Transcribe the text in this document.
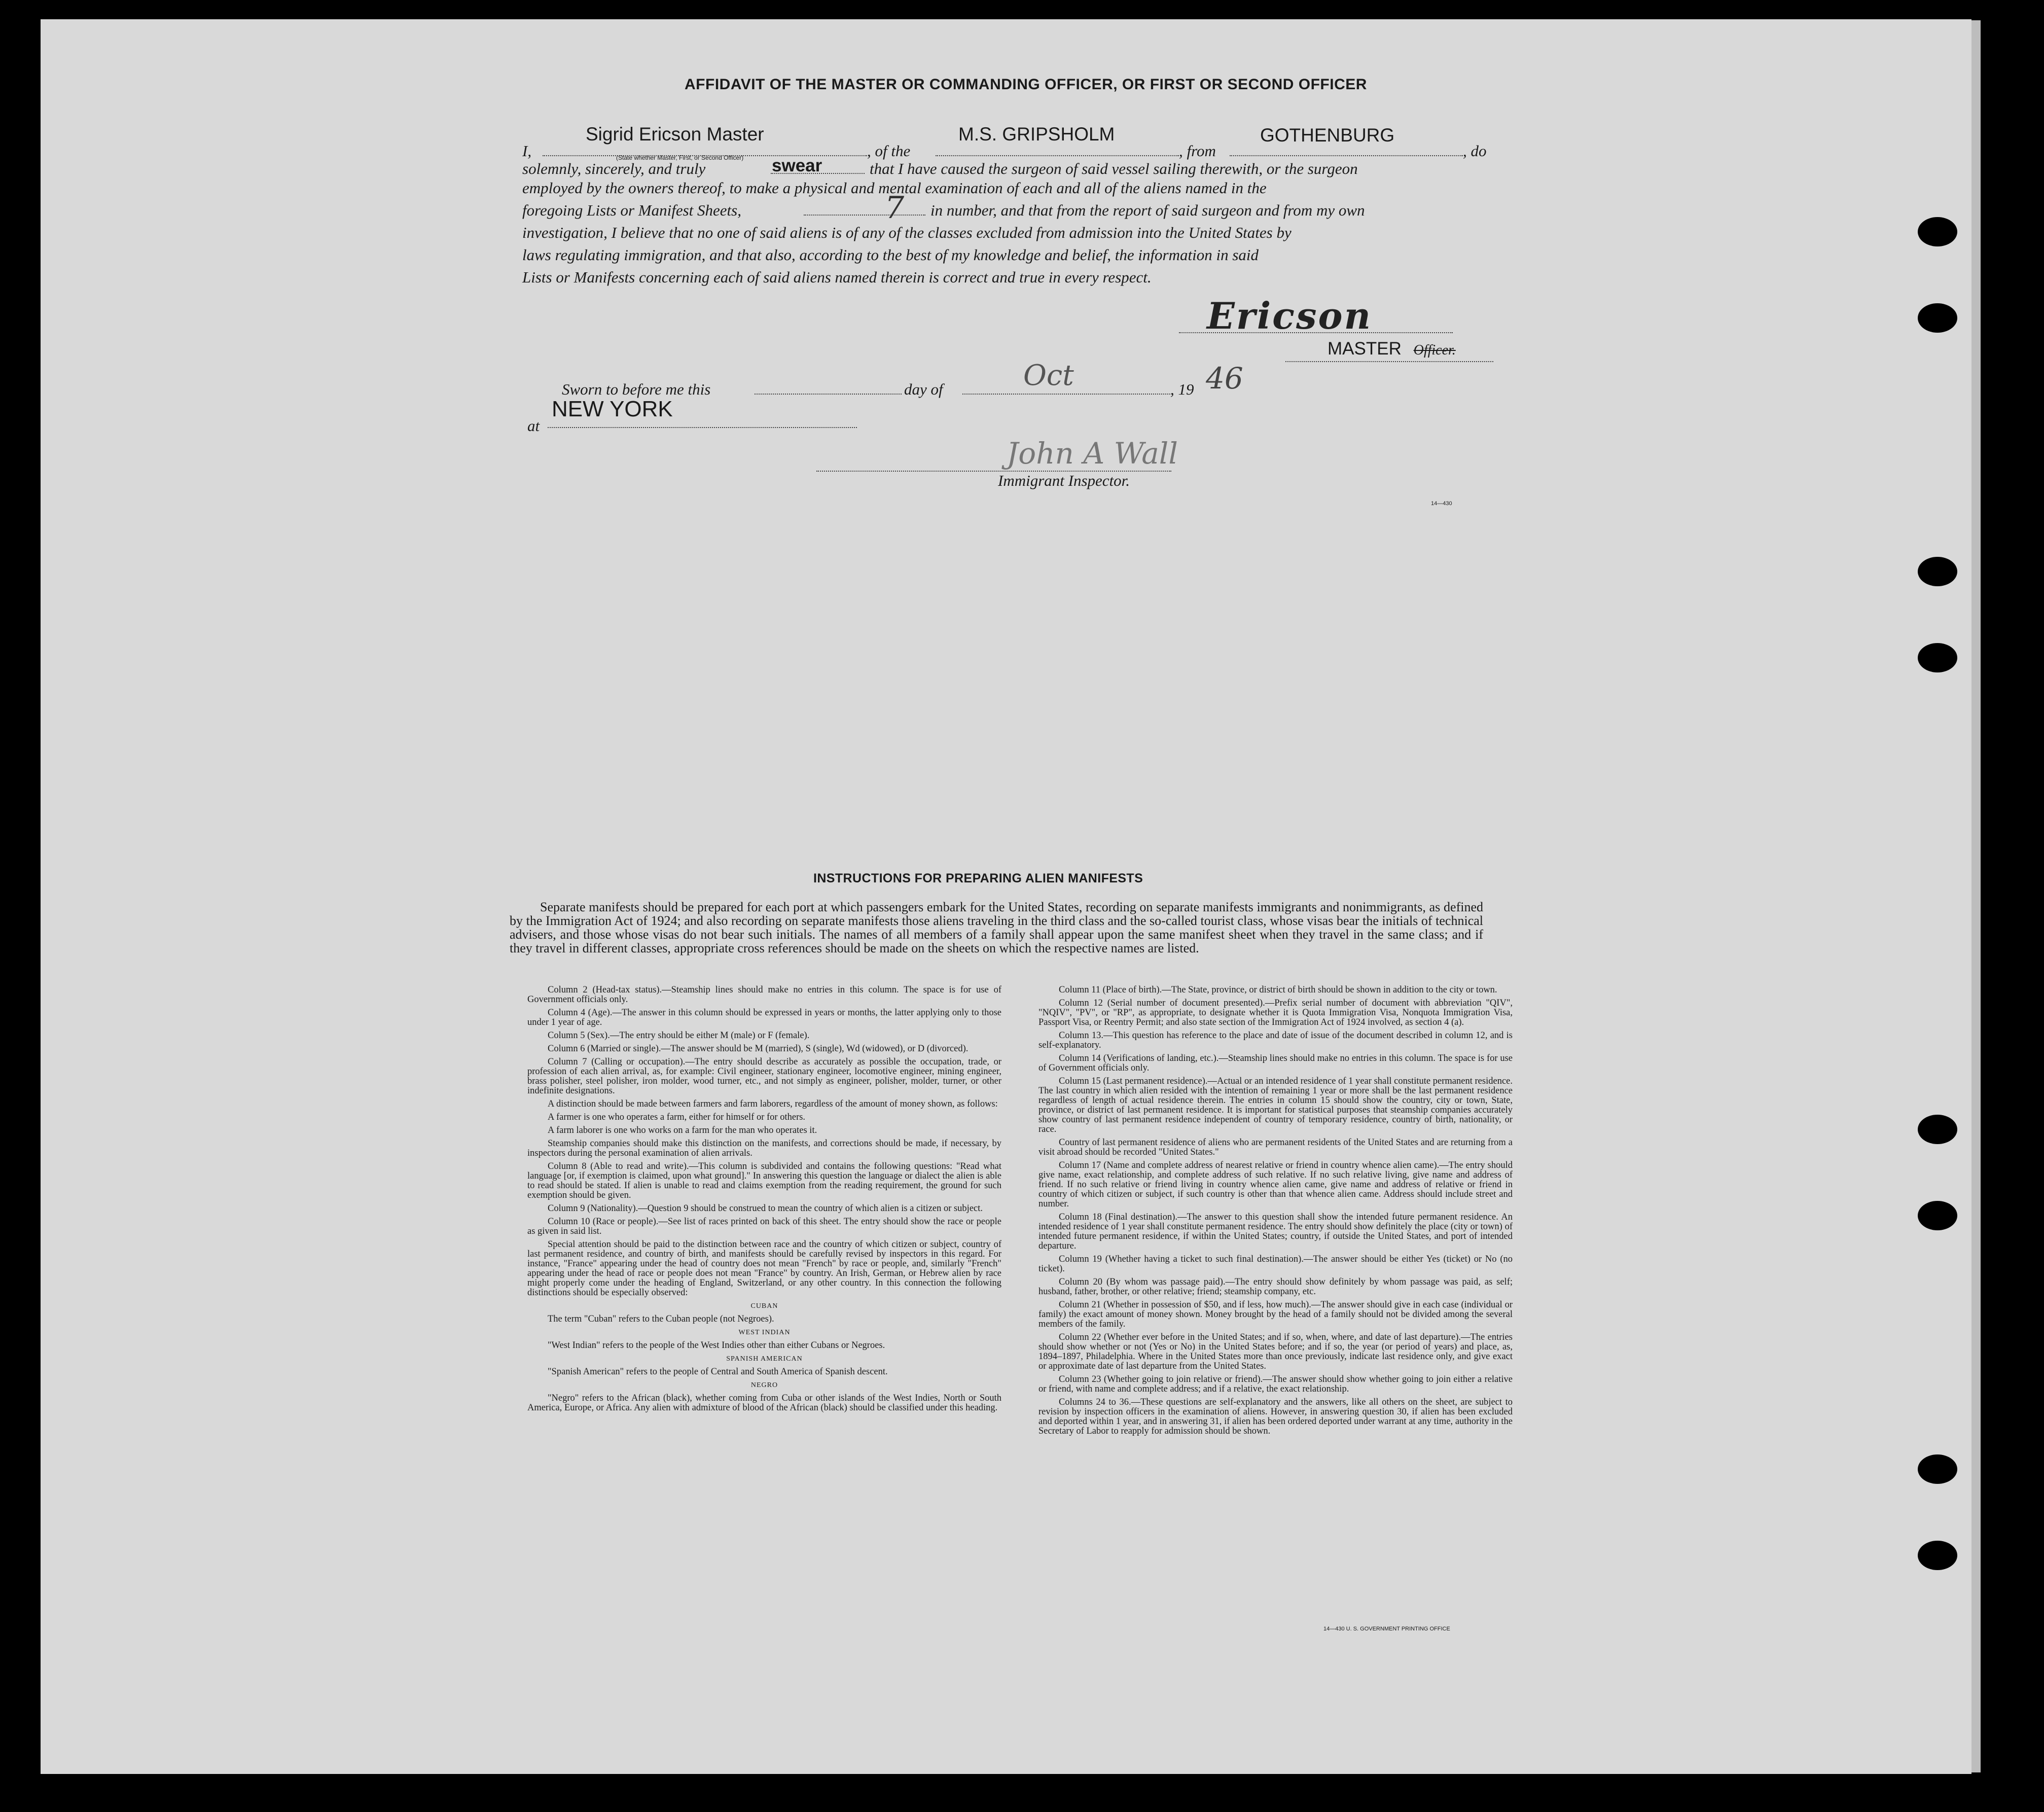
AFFIDAVIT OF THE MASTER OR COMMANDING OFFICER, OR FIRST OR SECOND OFFICER
I,
Sigrid Ericson Master
(State whether Master, First, or Second Officer)	, of the
M.S. GRIPSHOLM
, from
GOTHENBURG
, do
solemnly, sincerely, and truly	swear	that I have caused the surgeon of said vessel sailing therewith, or the surgeon
employed by the owners thereof, to make a physical and mental examination of each and all of the aliens named in the
foregoing Lists or Manifest Sheets,	7 in number, and that from the report of said surgeon and from my own
investigation, I believe that no one of said aliens is of any of the classes excluded from admission into the United States by
laws regulating immigration, and that also, according to the best of my knowledge and belief, the information in said
Lists or Manifests concerning each of said aliens named therein is correct and true in every respect.
Ericson
MASTER Officer.
Sworn to before me this	day of	Oct	, 19 46
at
NEW YORK
John A Wall
Immigrant Inspector.
14—430
INSTRUCTIONS FOR PREPARING ALIEN MANIFESTS

Separate manifests should be prepared for each port at which passengers embark for the United States, recording on separate manifests immigrants and nonimmigrants, as defined by the Immigration Act of 1924; and also recording on separate manifests those aliens traveling in the third class and the so-called tourist class, whose visas bear the initials of technical advisers, and those whose visas do not bear such initials. The names of all members of a family shall appear upon the same manifest sheet when they travel in the same class; and if they travel in different classes, appropriate cross references should be made on the sheets on which the respective names are listed.

Column 2 (Head-tax status).—Steamship lines should make no entries in this column. The space is for use of Government officials only.

Column 4 (Age).—The answer in this column should be expressed in years or months, the latter applying only to those under 1 year of age.

Column 5 (Sex).—The entry should be either M (male) or F (female).

Column 6 (Married or single).—The answer should be M (married), S (single), Wd (widowed), or D (divorced).

Column 7 (Calling or occupation).—The entry should describe as accurately as possible the occupation, trade, or profession of each alien arrival, as, for example: Civil engineer, stationary engineer, locomotive engineer, mining engineer, brass polisher, steel polisher, iron molder, wood turner, etc., and not simply as engineer, polisher, molder, turner, or other indefinite designations.

A distinction should be made between farmers and farm laborers, regardless of the amount of money shown, as follows:

A farmer is one who operates a farm, either for himself or for others.

A farm laborer is one who works on a farm for the man who operates it.

Steamship companies should make this distinction on the manifests, and corrections should be made, if necessary, by inspectors during the personal examination of alien arrivals.

Column 8 (Able to read and write).—This column is subdivided and contains the following questions: "Read what language [or, if exemption is claimed, upon what ground]." In answering this question the language or dialect the alien is able to read should be stated. If alien is unable to read and claims exemption from the reading requirement, the ground for such exemption should be given.

Column 9 (Nationality).—Question 9 should be construed to mean the country of which alien is a citizen or subject.

Column 10 (Race or people).—See list of races printed on back of this sheet. The entry should show the race or people as given in said list.

Special attention should be paid to the distinction between race and the country of which citizen or subject, country of last permanent residence, and country of birth, and manifests should be carefully revised by inspectors in this regard. For instance, "France" appearing under the head of country does not mean "French" by race or people, and, similarly "French" appearing under the head of race or people does not mean "France" by country. An Irish, German, or Hebrew alien by race might properly come under the heading of England, Switzerland, or any other country. In this connection the following distinctions should be especially observed:

CUBAN

The term "Cuban" refers to the Cuban people (not Negroes).

WEST INDIAN

"West Indian" refers to the people of the West Indies other than either Cubans or Negroes.

SPANISH AMERICAN

"Spanish American" refers to the people of Central and South America of Spanish descent.

NEGRO

"Negro" refers to the African (black), whether coming from Cuba or other islands of the West Indies, North or South America, Europe, or Africa. Any alien with admixture of blood of the African (black) should be classified under this heading.

Column 11 (Place of birth).—The State, province, or district of birth should be shown in addition to the city or town.

Column 12 (Serial number of document presented).—Prefix serial number of document with abbreviation "QIV", "NQIV", "PV", or "RP", as appropriate, to designate whether it is Quota Immigration Visa, Nonquota Immigration Visa, Passport Visa, or Reentry Permit; and also state section of the Immigration Act of 1924 involved, as section 4 (a).

Column 13.—This question has reference to the place and date of issue of the document described in column 12, and is self-explanatory.

Column 14 (Verifications of landing, etc.).—Steamship lines should make no entries in this column. The space is for use of Government officials only.

Column 15 (Last permanent residence).—Actual or an intended residence of 1 year shall constitute permanent residence. The last country in which alien resided with the intention of remaining 1 year or more shall be the last permanent residence regardless of length of actual residence therein. The entries in column 15 should show the country, city or town, State, province, or district of last permanent residence. It is important for statistical purposes that steamship companies accurately show country of last permanent residence independent of country of temporary residence, country of birth, nationality, or race.

Country of last permanent residence of aliens who are permanent residents of the United States and are returning from a visit abroad should be recorded "United States."

Column 17 (Name and complete address of nearest relative or friend in country whence alien came).—The entry should give name, exact relationship, and complete address of such relative. If no such relative living, give name and address of friend. If no such relative or friend living in country whence alien came, give name and address of relative or friend in country of which citizen or subject, if such country is other than that whence alien came. Address should include street and number.

Column 18 (Final destination).—The answer to this question shall show the intended future permanent residence. An intended residence of 1 year shall constitute permanent residence. The entry should show definitely the place (city or town) of intended future permanent residence, if within the United States; country, if outside the United States, and port of intended departure.

Column 19 (Whether having a ticket to such final destination).—The answer should be either Yes (ticket) or No (no ticket).

Column 20 (By whom was passage paid).—The entry should show definitely by whom passage was paid, as self; husband, father, brother, or other relative; friend; steamship company, etc.

Column 21 (Whether in possession of $50, and if less, how much).—The answer should give in each case (individual or family) the exact amount of money shown. Money brought by the head of a family should not be divided among the several members of the family.

Column 22 (Whether ever before in the United States; and if so, when, where, and date of last departure).—The entries should show whether or not (Yes or No) in the United States before; and if so, the year (or period of years) and place, as, 1894–1897, Philadelphia. Where in the United States more than once previously, indicate last residence only, and give exact or approximate date of last departure from the United States.

Column 23 (Whether going to join relative or friend).—The answer should show whether going to join either a relative or friend, with name and complete address; and if a relative, the exact relationship.

Columns 24 to 36.—These questions are self-explanatory and the answers, like all others on the sheet, are subject to revision by inspection officers in the examination of aliens. However, in answering question 30, if alien has been excluded and deported within 1 year, and in answering 31, if alien has been ordered deported under warrant at any time, authority in the Secretary of Labor to reapply for admission should be shown.

14—430 U. S. GOVERNMENT PRINTING OFFICE
